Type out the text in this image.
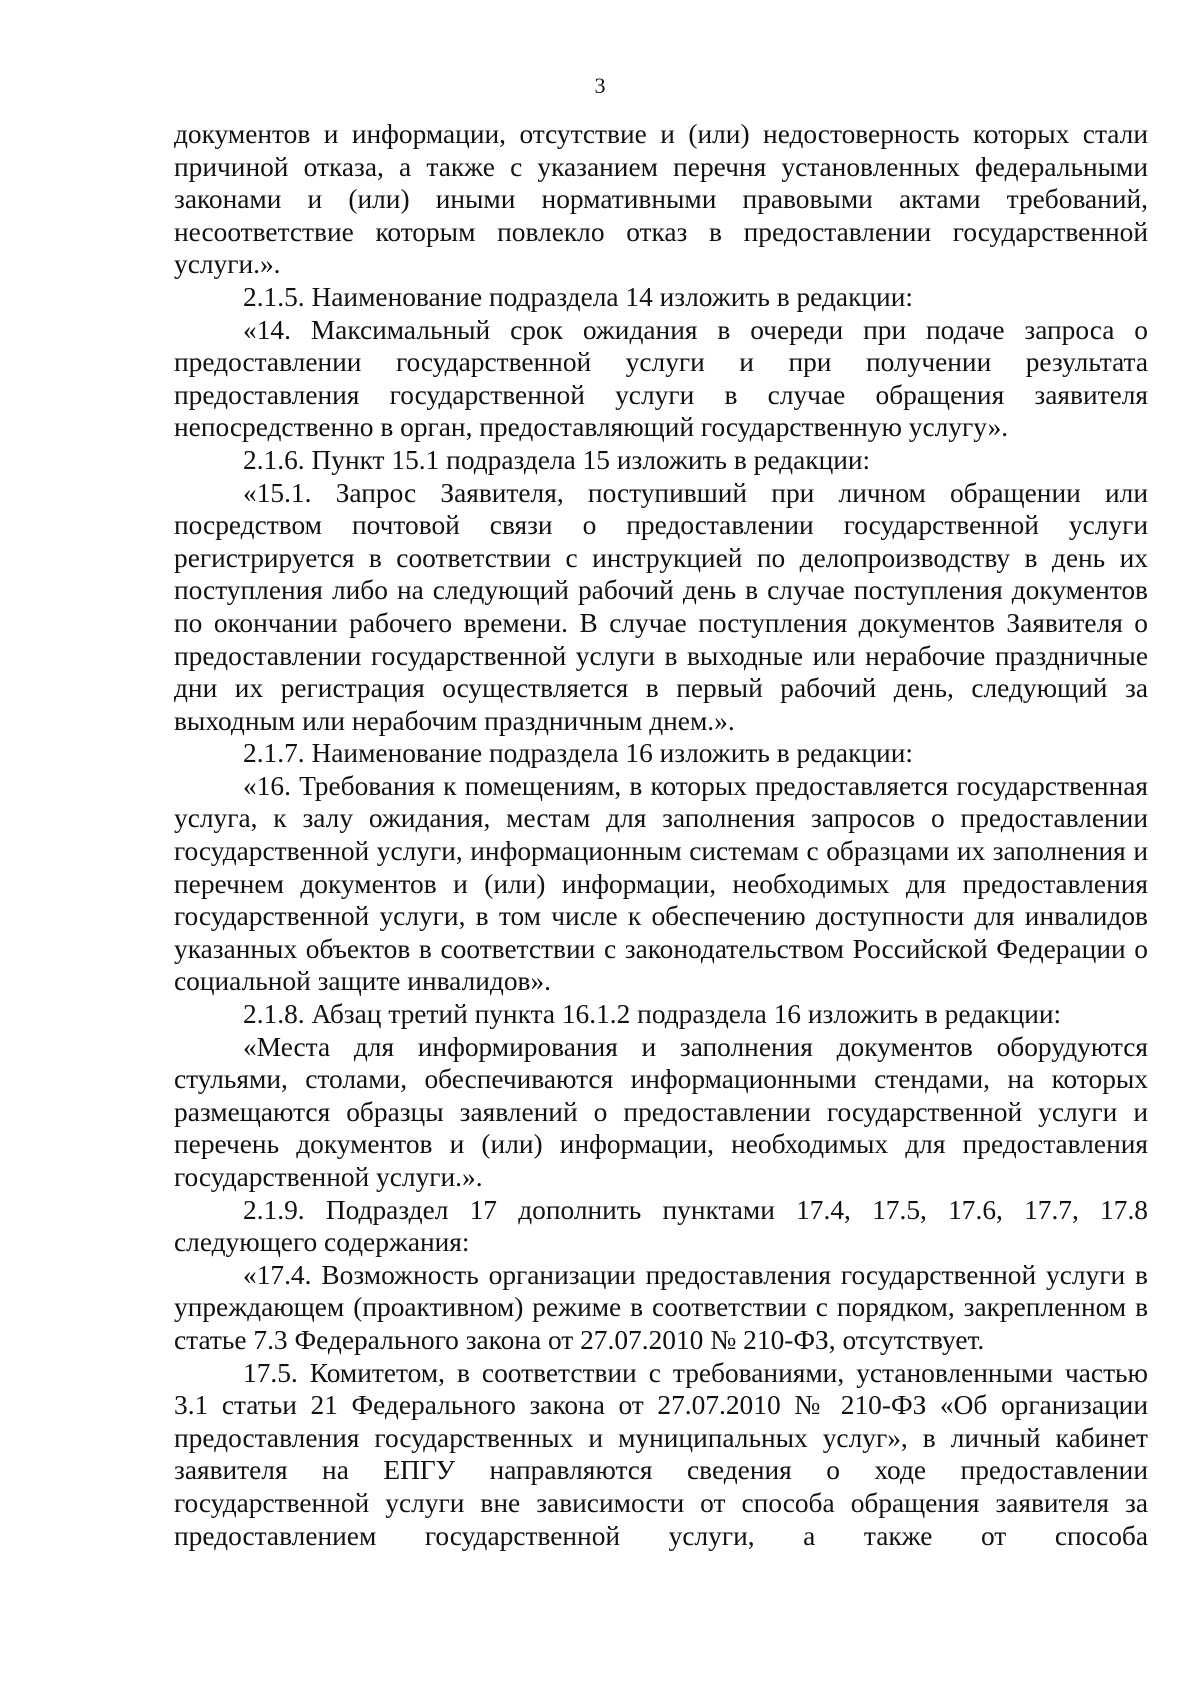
3

документов и информации, отсутствие и (или) недостоверность которых стали причиной отказа, а также с указанием перечня установленных федеральными законами и (или) иными нормативными правовыми актами требований, несоответствие которым повлекло отказ в предоставлении государственной услуги.».

2.1.5. Наименование подраздела 14 изложить в редакции:

«14. Максимальный срок ожидания в очереди при подаче запроса о предоставлении государственной услуги и при получении результата предоставления государственной услуги в случае обращения заявителя непосредственно в орган, предоставляющий государственную услугу».

2.1.6. Пункт 15.1 подраздела 15 изложить в редакции:

«15.1. Запрос Заявителя, поступивший при личном обращении или посредством почтовой связи о предоставлении государственной услуги регистрируется в соответствии с инструкцией по делопроизводству в день их поступления либо на следующий рабочий день в случае поступления документов по окончании рабочего времени. В случае поступления документов Заявителя о предоставлении государственной услуги в выходные или нерабочие праздничные дни их регистрация осуществляется в первый рабочий день, следующий за выходным или нерабочим праздничным днем.».

2.1.7. Наименование подраздела 16 изложить в редакции:

«16. Требования к помещениям, в которых предоставляется государственная услуга, к залу ожидания, местам для заполнения запросов о предоставлении государственной услуги, информационным системам с образцами их заполнения и перечнем документов и (или) информации, необходимых для предоставления государственной услуги, в том числе к обеспечению доступности для инвалидов указанных объектов в соответствии с законодательством Российской Федерации о социальной защите инвалидов».

2.1.8. Абзац третий пункта 16.1.2 подраздела 16 изложить в редакции:

«Места для информирования и заполнения документов оборудуются стульями, столами, обеспечиваются информационными стендами, на которых размещаются образцы заявлений о предоставлении государственной услуги и перечень документов и (или) информации, необходимых для предоставления государственной услуги.».

2.1.9. Подраздел 17 дополнить пунктами 17.4, 17.5, 17.6, 17.7, 17.8 следующего содержания:

«17.4. Возможность организации предоставления государственной услуги в упреждающем (проактивном) режиме в соответствии с порядком, закрепленном в статье 7.3 Федерального закона от 27.07.2010 № 210-ФЗ, отсутствует.

17.5. Комитетом, в соответствии с требованиями, установленными частью 3.1 статьи 21 Федерального закона от 27.07.2010 № 210-ФЗ «Об организации предоставления государственных и муниципальных услуг», в личный кабинет заявителя на ЕПГУ направляются сведения о ходе предоставлении государственной услуги вне зависимости от способа обращения заявителя за предоставлением государственной услуги, а также от способа
